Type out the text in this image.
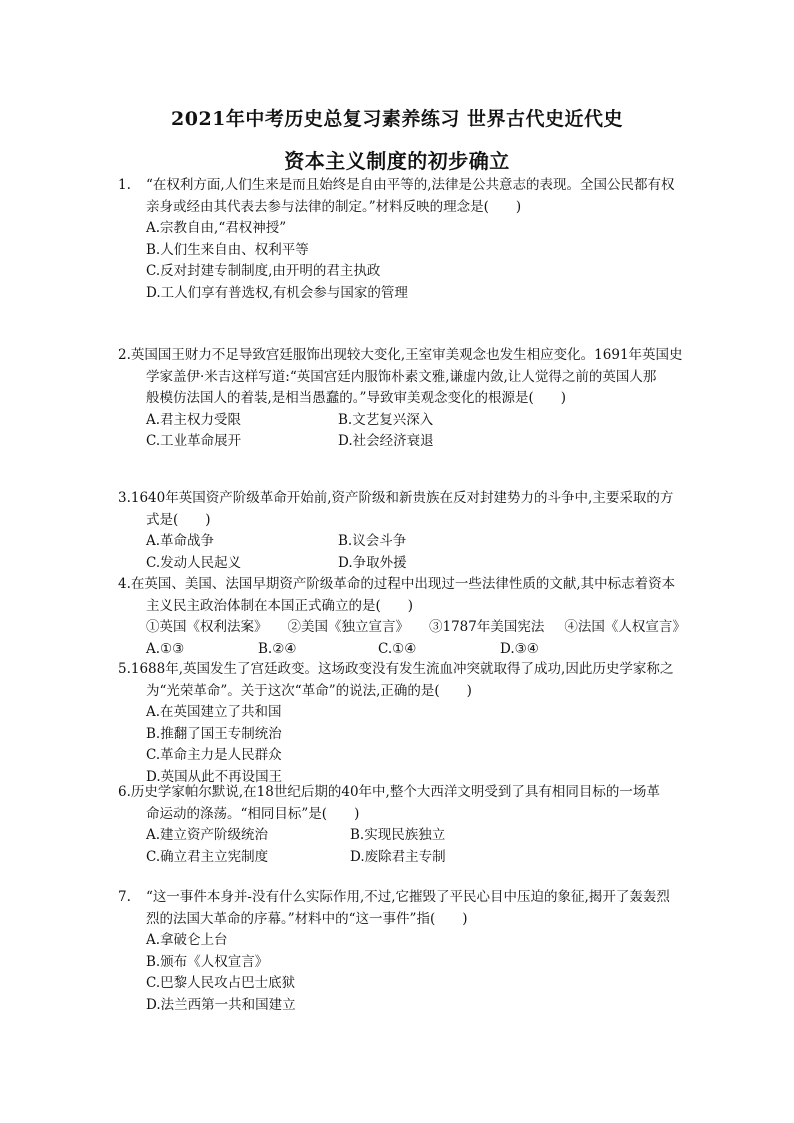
2021年中考历史总复习素养练习 世界古代史近代史
资本主义制度的初步确立
1. “在权利方面,人们生来是而且始终是自由平等的,法律是公共意志的表现。全国公民都有权
亲身或经由其代表去参与法律的制定。”材料反映的理念是(　　)
A.宗教自由,“君权神授”
B.人们生来自由、权利平等
C.反对封建专制制度,由开明的君主执政
D.工人们享有普选权,有机会参与国家的管理
2.英国国王财力不足导致宫廷服饰出现较大变化,王室审美观念也发生相应变化。1691年英国史
学家盖伊·米吉这样写道:“英国宫廷内服饰朴素文雅,谦虚内敛,让人觉得之前的英国人那
般模仿法国人的着装,是相当愚蠢的。”导致审美观念变化的根源是(　　)
A.君主权力受限	B.文艺复兴深入
C.工业革命展开	D.社会经济衰退
3.1640年英国资产阶级革命开始前,资产阶级和新贵族在反对封建势力的斗争中,主要采取的方
式是(　　)
A.革命战争	B.议会斗争
C.发动人民起义	D.争取外援
4.在英国、美国、法国早期资产阶级革命的过程中出现过一些法律性质的文献,其中标志着资本
主义民主政治体制在本国正式确立的是(　　)
①英国《权利法案》 ②美国《独立宣言》 ③1787年美国宪法 ④法国《人权宣言》
A.①③	B.②④	C.①④	D.③④
5.1688年,英国发生了宫廷政变。这场政变没有发生流血冲突就取得了成功,因此历史学家称之
为“光荣革命”。关于这次“革命”的说法,正确的是(　　)
A.在英国建立了共和国
B.推翻了国王专制统治
C.革命主力是人民群众
D.英国从此不再设国王
6.历史学家帕尔默说,在18世纪后期的40年中,整个大西洋文明受到了具有相同目标的一场革
命运动的涤荡。“相同目标”是(　　)
A.建立资产阶级统治	B.实现民族独立
C.确立君主立宪制度	D.废除君主专制
7. “这一事件本身并-没有什么实际作用,不过,它摧毁了平民心目中压迫的象征,揭开了轰轰烈
烈的法国大革命的序幕。”材料中的“这一事件”指(　　)
A.拿破仑上台
B.颁布《人权宣言》
C.巴黎人民攻占巴士底狱
D.法兰西第一共和国建立
